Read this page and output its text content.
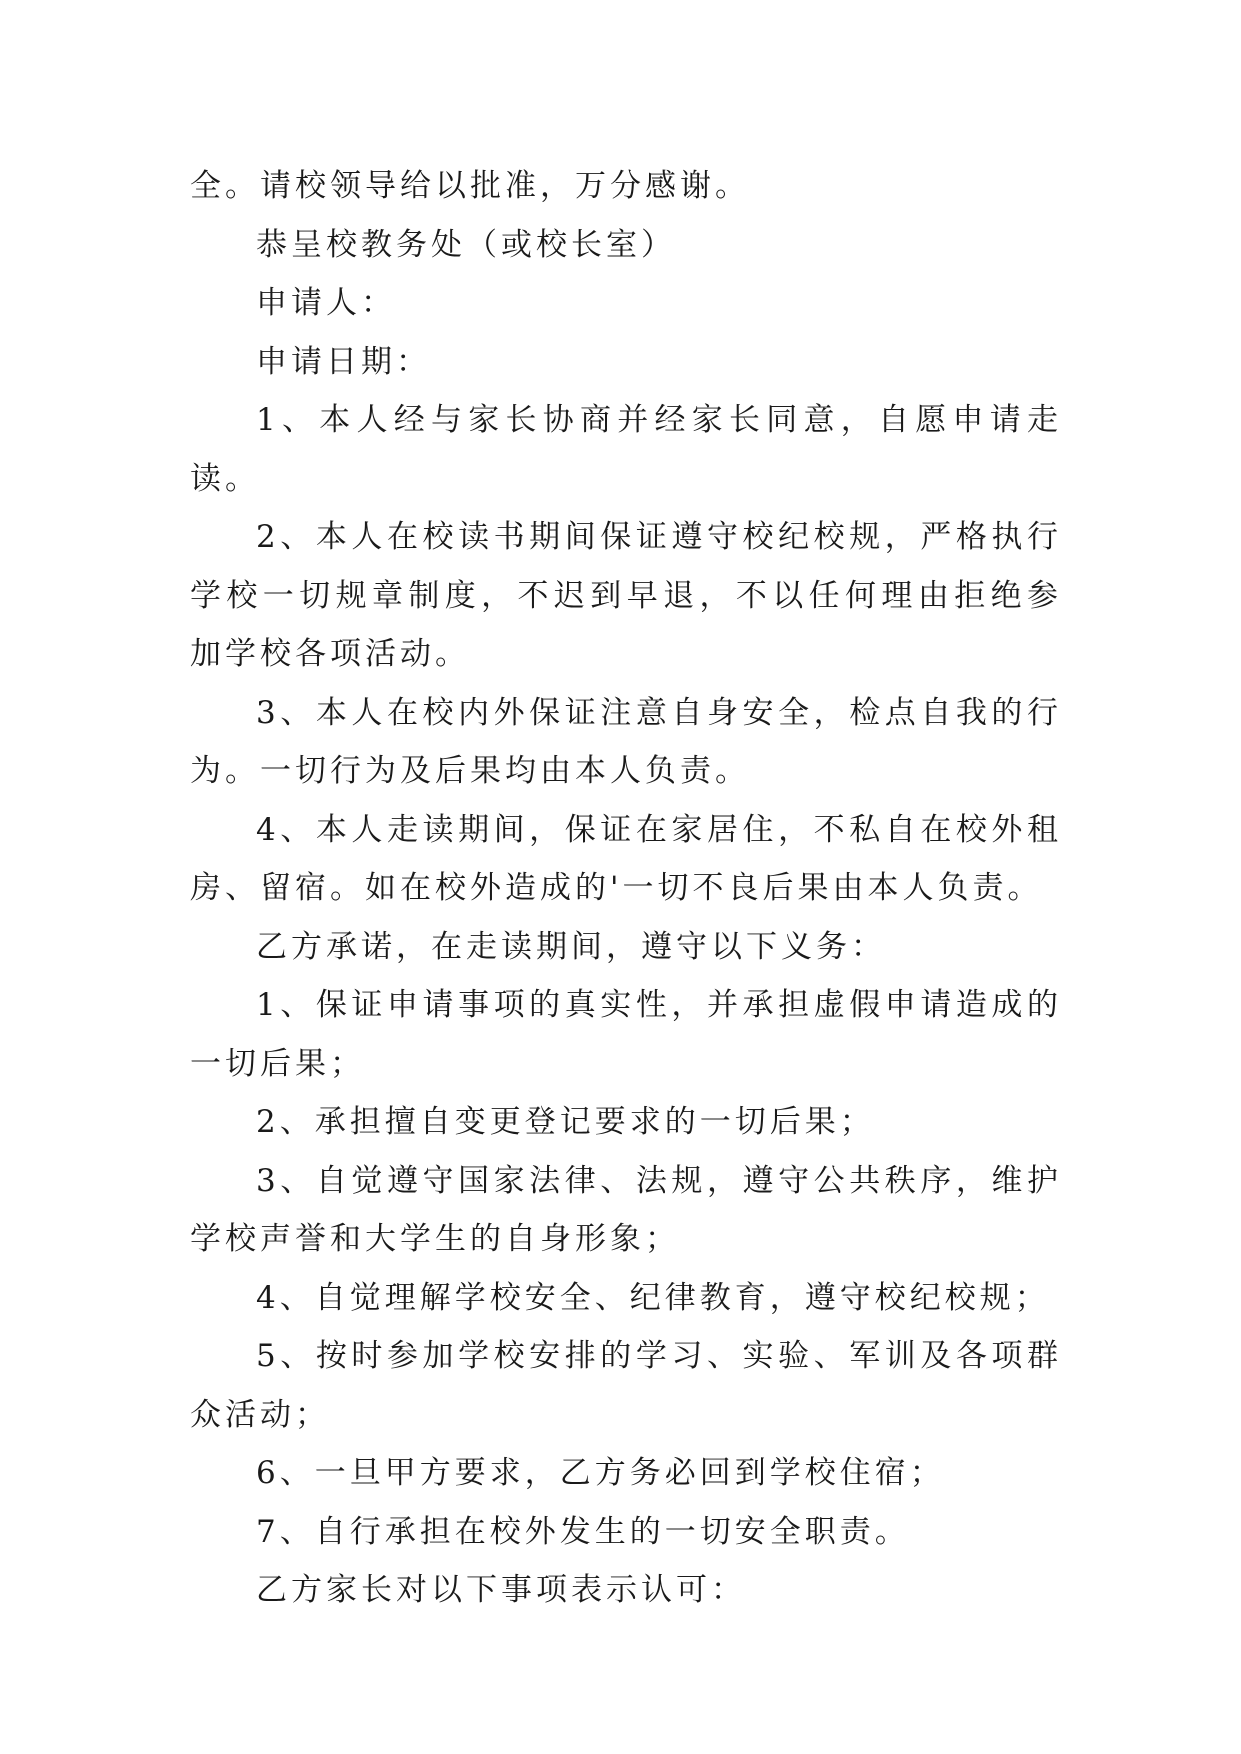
全。请校领导给以批准，万分感谢。

恭呈校教务处（或校长室）

申请人：

申请日期：

1、本人经与家长协商并经家长同意，自愿申请走读。

2、本人在校读书期间保证遵守校纪校规，严格执行学校一切规章制度，不迟到早退，不以任何理由拒绝参加学校各项活动。

3、本人在校内外保证注意自身安全，检点自我的行为。一切行为及后果均由本人负责。

4、本人走读期间，保证在家居住，不私自在校外租房、留宿。如在校外造成的'一切不良后果由本人负责。

乙方承诺，在走读期间，遵守以下义务：

1、保证申请事项的真实性，并承担虚假申请造成的一切后果；

2、承担擅自变更登记要求的一切后果；

3、自觉遵守国家法律、法规，遵守公共秩序，维护学校声誉和大学生的自身形象；

4、自觉理解学校安全、纪律教育，遵守校纪校规；

5、按时参加学校安排的学习、实验、军训及各项群众活动；

6、一旦甲方要求，乙方务必回到学校住宿；

7、自行承担在校外发生的一切安全职责。

乙方家长对以下事项表示认可：
